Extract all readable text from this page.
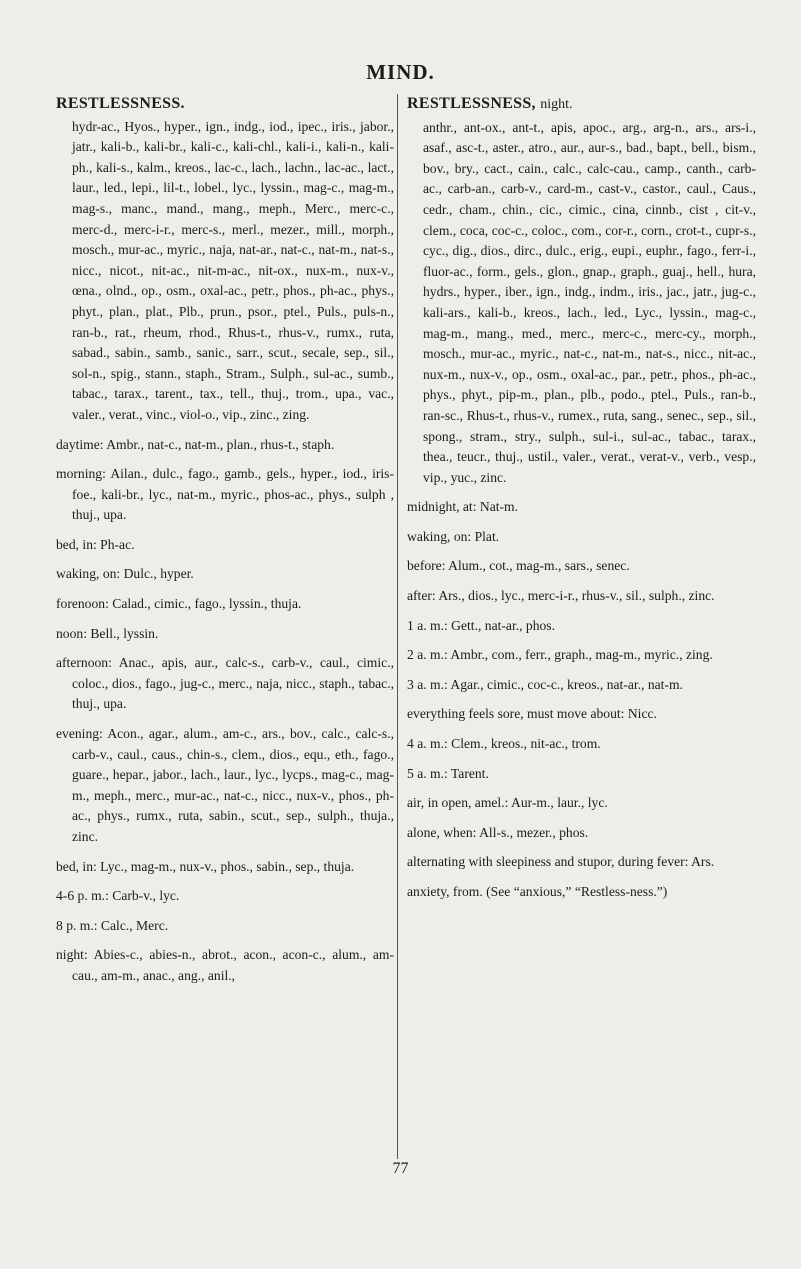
MIND.
RESTLESSNESS.

hydr-ac., Hyos., hyper., ign., indg., iod., ipec., iris., jabor., jatr., kali-b., kali-br., kali-c., kali-chl., kali-i., kali-n., kali-ph., kali-s., kalm., kreos., lac-c., lach., lachn., lac-ac., lact., laur., led., lepi., lil-t., lobel., lyc., lyssin., mag-c., mag-m., mag-s., manc., mand., mang., meph., Merc., merc-c., merc-d., merc-i-r., merc-s., merl., mezer., mill., morph., mosch., mur-ac., myric., naja, nat-ar., nat-c., nat-m., nat-s., nicc., nicot., nit-ac., nit-m-ac., nit-ox., nux-m., nux-v., œna., olnd., op., osm., oxal-ac., petr., phos., ph-ac., phys., phyt., plan., plat., Plb., prun., psor., ptel., Puls., puls-n., ran-b., rat., rheum, rhod., Rhus-t., rhus-v., rumx., ruta, sabad., sabin., samb., sanic., sarr., scut., secale, sep., sil., sol-n., spig., stann., staph., Stram., Sulph., sul-ac., sumb., tabac., tarax., tarent., tax., tell., thuj., trom., upa., vac., valer., verat., vinc., viol-o., vip., zinc., zing.

daytime: Ambr., nat-c., nat-m., plan., rhus-t., staph.

morning: Ailan., dulc., fago., gamb., gels., hyper., iod., iris-foe., kali-br., lyc., nat-m., myric., phos-ac., phys., sulph , thuj., upa.

bed, in: Ph-ac.

waking, on: Dulc., hyper.

forenoon: Calad., cimic., fago., lyssin., thuja.

noon: Bell., lyssin.

afternoon: Anac., apis, aur., calc-s., carb-v., caul., cimic., coloc., dios., fago., jug-c., merc., naja, nicc., staph., tabac., thuj., upa.

evening: Acon., agar., alum., am-c., ars., bov., calc., calc-s., carb-v., caul., caus., chin-s., clem., dios., equ., eth., fago., guare., hepar., jabor., lach., laur., lyc., lycps., mag-c., mag-m., meph., merc., mur-ac., nat-c., nicc., nux-v., phos., ph-ac., phys., rumx., ruta, sabin., scut., sep., sulph., thuja., zinc.

bed, in: Lyc., mag-m., nux-v., phos., sabin., sep., thuja.

4-6 p. m.: Carb-v., lyc.

8 p. m.: Calc., Merc.

night: Abies-c., abies-n., abrot., acon., acon-c., alum., am-cau., am-m., anac., ang., anil.,

RESTLESSNESS, night.

anthr., ant-ox., ant-t., apis, apoc., arg., arg-n., ars., ars-i., asaf., asc-t., aster., atro., aur., aur-s., bad., bapt., bell., bism., bov., bry., cact., cain., calc., calc-cau., camp., canth., carb-ac., carb-an., carb-v., card-m., cast-v., castor., caul., Caus., cedr., cham., chin., cic., cimic., cina, cinnb., cist , cit-v., clem., coca, coc-c., coloc., com., cor-r., corn., crot-t., cupr-s., cyc., dig., dios., dirc., dulc., erig., eupi., euphr., fago., ferr-i., fluor-ac., form., gels., glon., gnap., graph., guaj., hell., hura, hydrs., hyper., iber., ign., indg., indm., iris., jac., jatr., jug-c., kali-ars., kali-b., kreos., lach., led., Lyc., lyssin., mag-c., mag-m., mang., med., merc., merc-c., merc-cy., morph., mosch., mur-ac., myric., nat-c., nat-m., nat-s., nicc., nit-ac., nux-m., nux-v., op., osm., oxal-ac., par., petr., phos., ph-ac., phys., phyt., pip-m., plan., plb., podo., ptel., Puls., ran-b., ran-sc., Rhus-t., rhus-v., rumex., ruta, sang., senec., sep., sil., spong., stram., stry., sulph., sul-i., sul-ac., tabac., tarax., thea., teucr., thuj., ustil., valer., verat., verat-v., verb., vesp., vip., yuc., zinc.

midnight, at: Nat-m.

waking, on: Plat.

before: Alum., cot., mag-m., sars., senec.

after: Ars., dios., lyc., merc-i-r., rhus-v., sil., sulph., zinc.

1 a. m.: Gett., nat-ar., phos.

2 a. m.: Ambr., com., ferr., graph., mag-m., myric., zing.

3 a. m.: Agar., cimic., coc-c., kreos., nat-ar., nat-m.

everything feels sore, must move about: Nicc.

4 a. m.: Clem., kreos., nit-ac., trom.

5 a. m.: Tarent.

air, in open, amel.: Aur-m., laur., lyc.

alone, when: All-s., mezer., phos.

alternating with sleepiness and stupor, during fever: Ars.

anxiety, from. (See “anxious,” “Restless-ness.”)

77
